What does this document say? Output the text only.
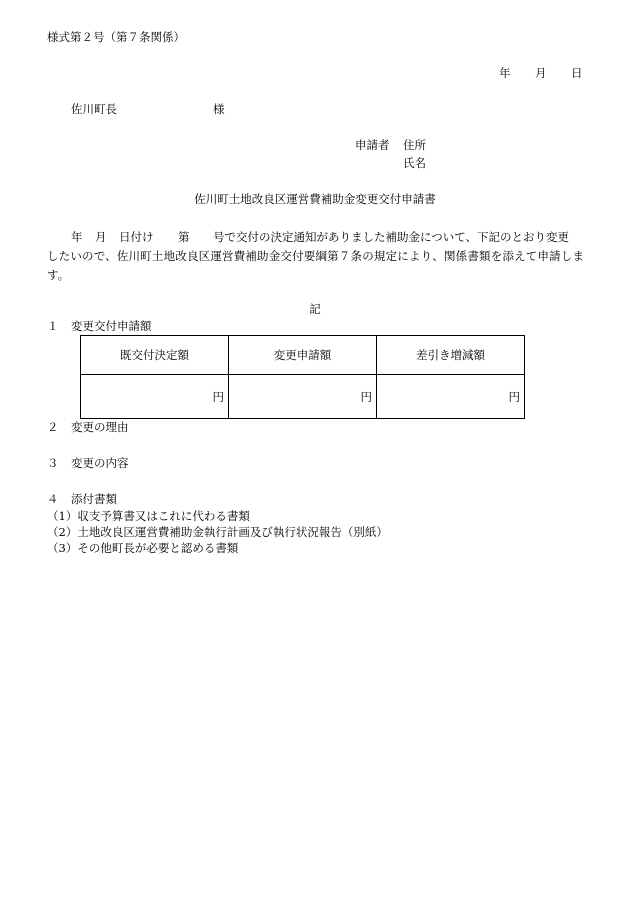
様式第２号（第７条関係）
年 月 日
佐川町長	様
申請者 住所
氏名
佐川町土地改良区運営費補助金変更交付申請書
年 月 日付け 第 号で交付の決定通知がありました補助金について、下記のとおり変更
したいので、佐川町土地改良区運営費補助金交付要綱第７条の規定により、関係書類を添えて申請します。
記
１ 変更交付申請額
既交付決定額	変更申請額	差引き増減額
円	円	円
２ 変更の理由
３ 変更の内容
４ 添付書類
（1）収支予算書又はこれに代わる書類
（2）土地改良区運営費補助金執行計画及び執行状況報告（別紙）
（3）その他町長が必要と認める書類
